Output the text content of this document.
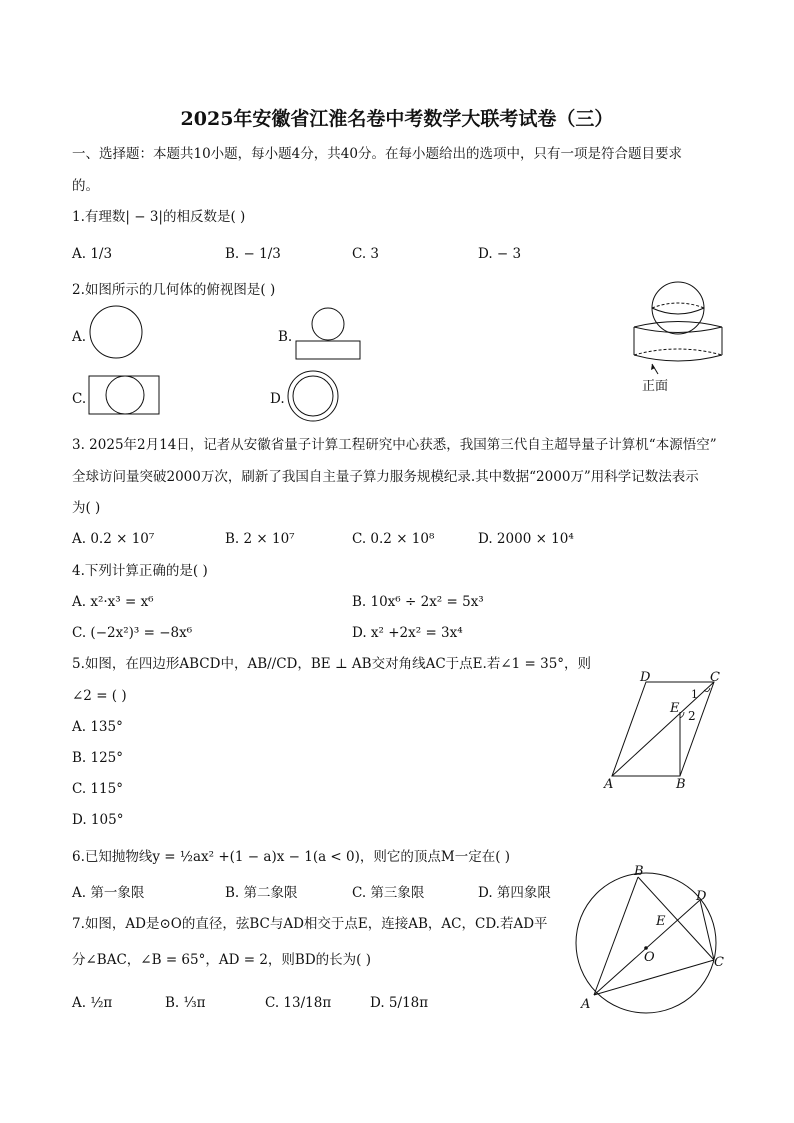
2025年安徽省江淮名卷中考数学大联考试卷（三）
一、选择题：本题共10小题，每小题4分，共40分。在每小题给出的选项中，只有一项是符合题目要求
的。
1.有理数| − 3|的相反数是( )
A. 1/3	B. − 1/3	C. 3	D. − 3
2.如图所示的几何体的俯视图是( )
A.	B.
C.	D.
正面
3. 2025年2月14日，记者从安徽省量子计算工程研究中心获悉，我国第三代自主超导量子计算机“本源悟空”
全球访问量突破2000万次，刷新了我国自主量子算力服务规模纪录.其中数据“2000万”用科学记数法表示
为( )
A. 0.2 × 10⁷	B. 2 × 10⁷	C. 0.2 × 10⁸	D. 2000 × 10⁴
4.下列计算正确的是( )
A. x²·x³ = x⁶	B. 10x⁶ ÷ 2x² = 5x³
C. (−2x²)³ = −8x⁶	D. x² +2x² = 3x⁴
5.如图，在四边形ABCD中，AB//CD，BE ⊥ AB交对角线AC于点E.若∠1 = 35°，则
∠2 = ( )
A. 135°
B. 125°
C. 115°
D. 105°
D	C
1
E 2
A	B
6.已知抛物线y = ½ax² +(1 − a)x − 1(a < 0)，则它的顶点M一定在( )
A. 第一象限	B. 第二象限	C. 第三象限	D. 第四象限
7.如图，AD是⊙O的直径，弦BC与AD相交于点E，连接AB，AC，CD.若AD平
分∠BAC，∠B = 65°，AD = 2，则BD的长为( )
A. ½π	B. ⅓π	C. 13/18π	D. 5/18π
B
D
E
O	C
A
